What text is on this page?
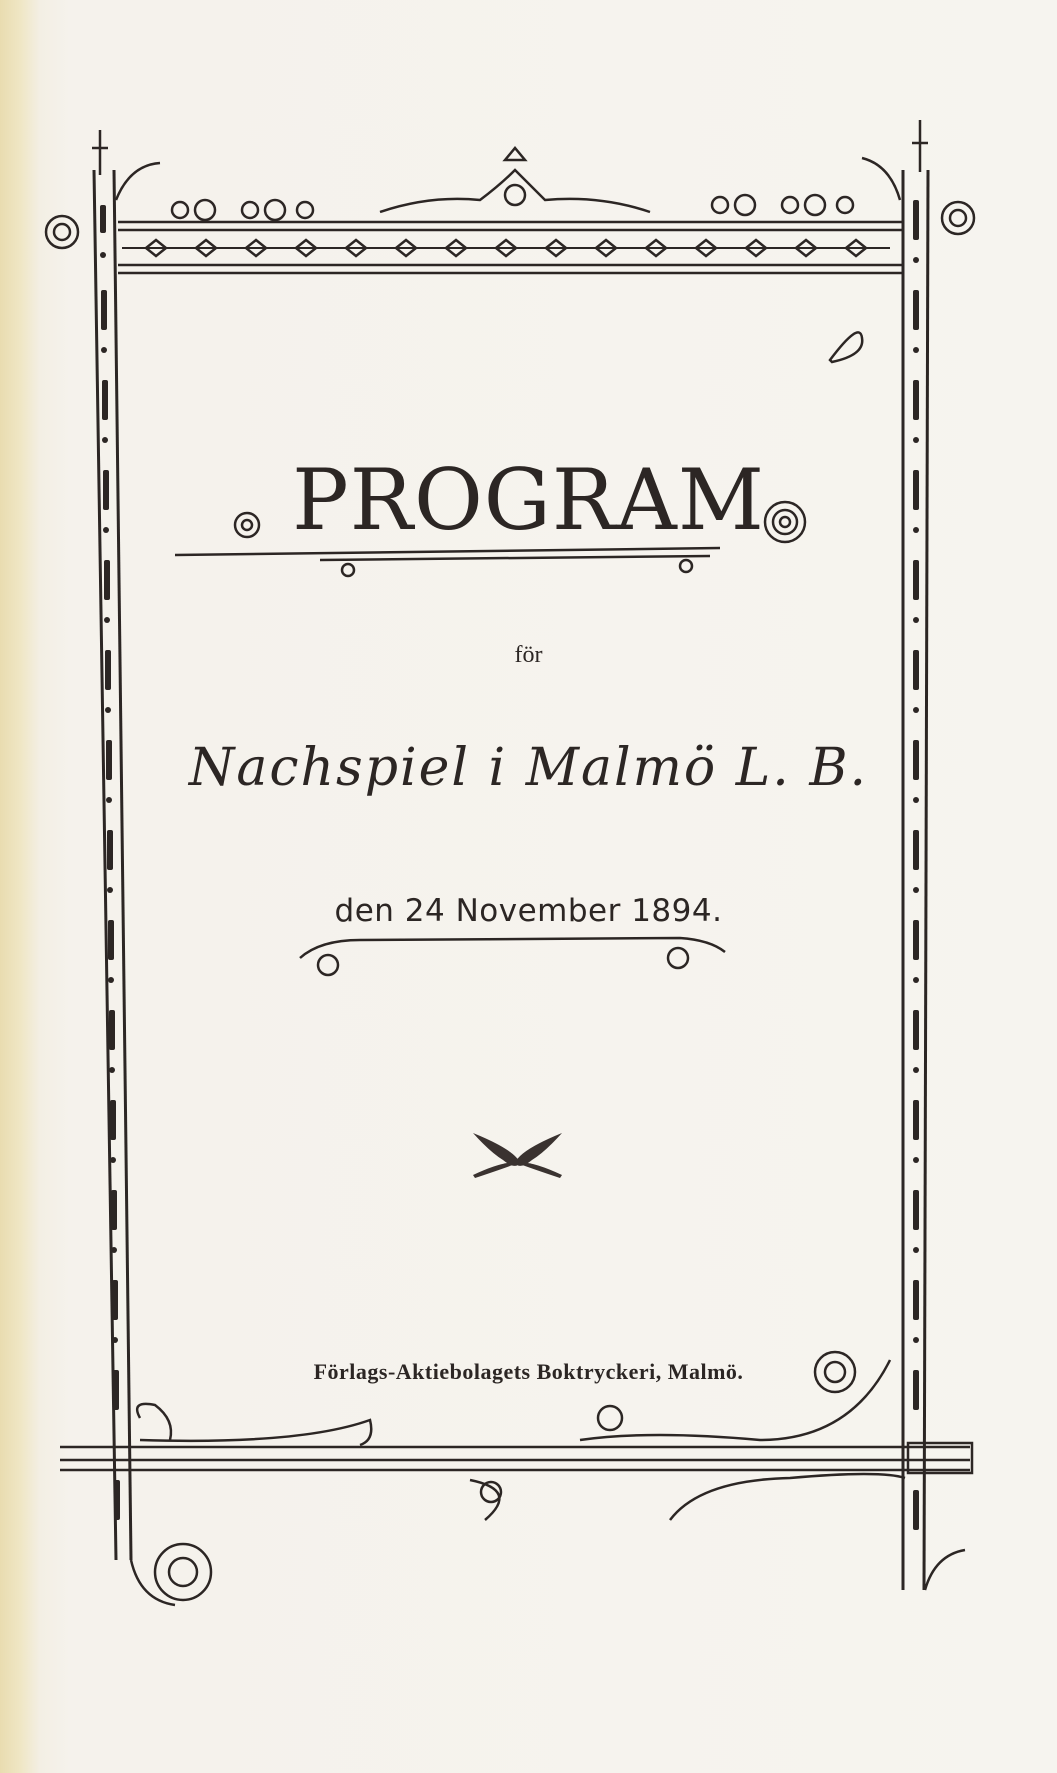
PROGRAM
för
Nachspiel i Malmö L. B.
den 24 November 1894.
Förlags-Aktiebolagets Boktryckeri, Malmö.
